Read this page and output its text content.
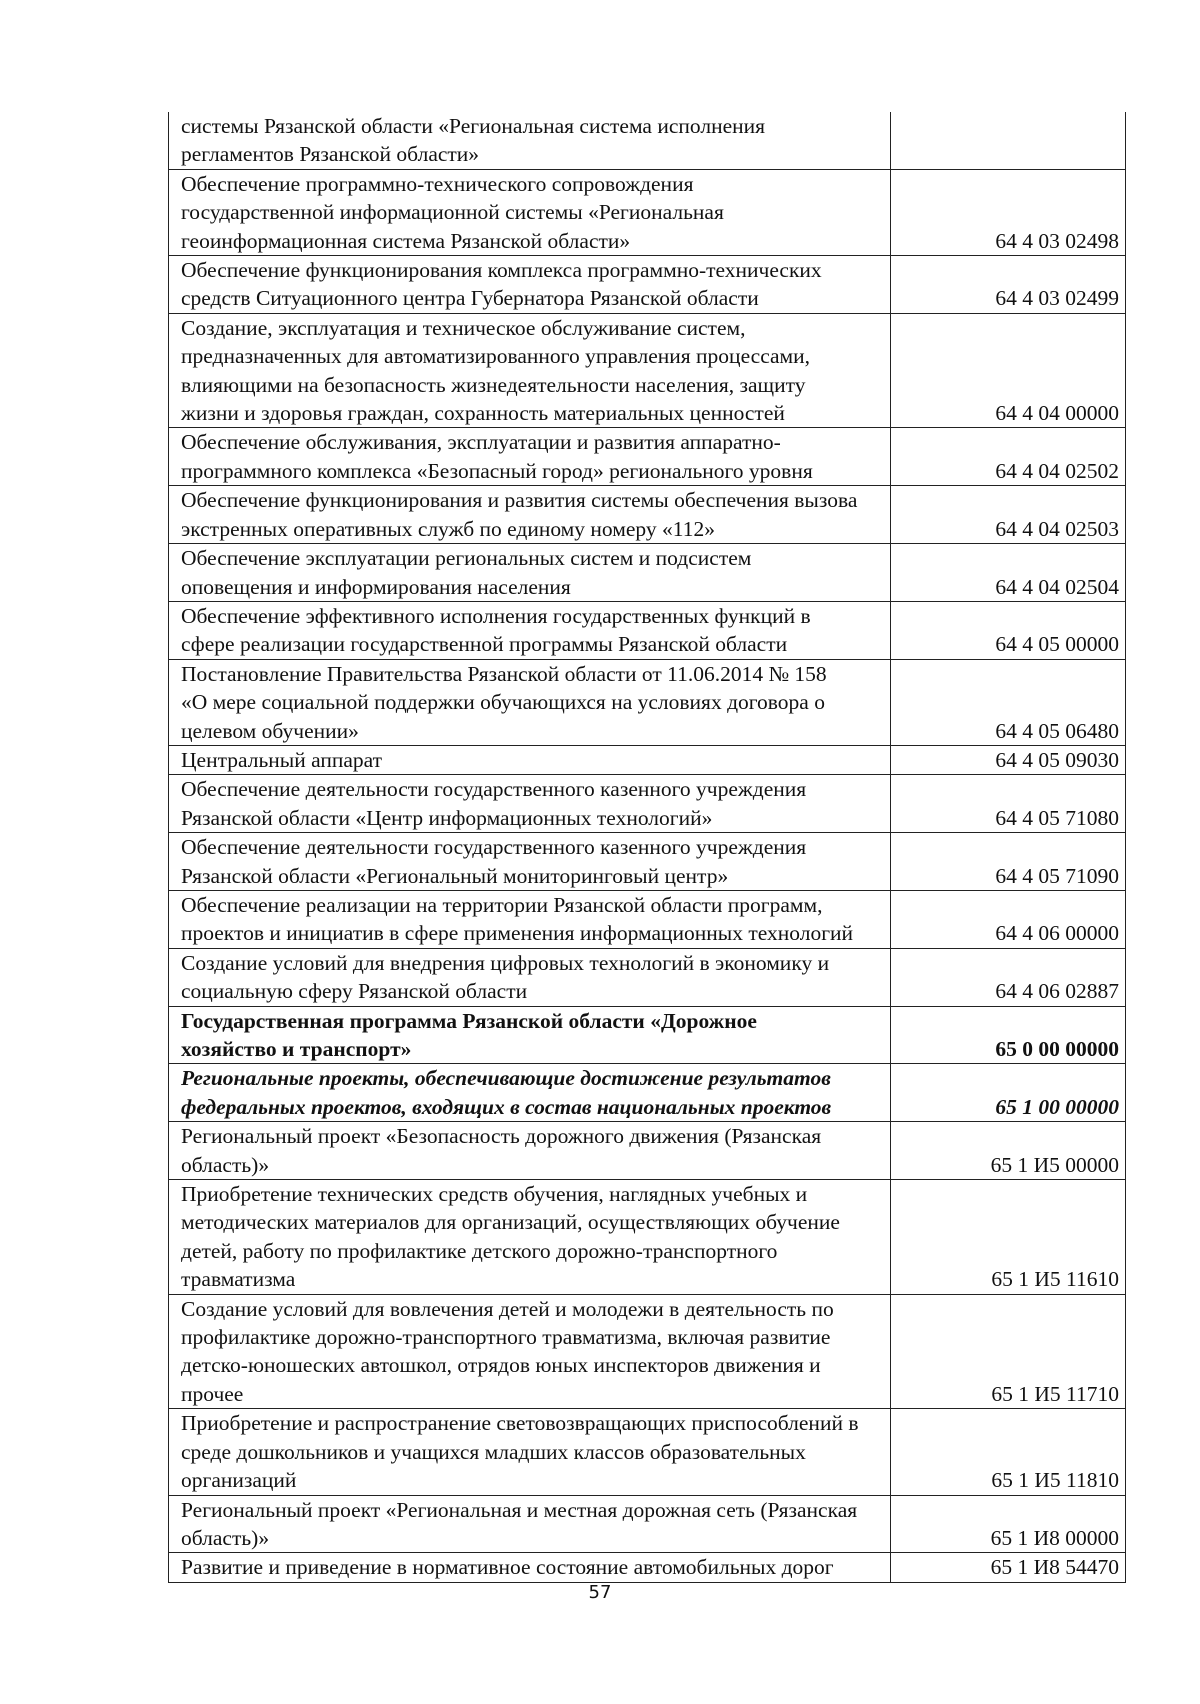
системы Рязанской области «Региональная система исполнения
регламентов Рязанской области»	
Обеспечение программно-технического сопровождения
государственной информационной системы «Региональная
геоинформационная система Рязанской области»	64 4 03 02498
Обеспечение функционирования комплекса программно-технических
средств Ситуационного центра Губернатора Рязанской области	64 4 03 02499
Создание, эксплуатация и техническое обслуживание систем,
предназначенных для автоматизированного управления процессами,
влияющими на безопасность жизнедеятельности населения, защиту
жизни и здоровья граждан, сохранность материальных ценностей	64 4 04 00000
Обеспечение обслуживания, эксплуатации и развития аппаратно-
программного комплекса «Безопасный город» регионального уровня	64 4 04 02502
Обеспечение функционирования и развития системы обеспечения вызова
экстренных оперативных служб по единому номеру «112»	64 4 04 02503
Обеспечение эксплуатации региональных систем и подсистем
оповещения и информирования населения	64 4 04 02504
Обеспечение эффективного исполнения государственных функций в
сфере реализации государственной программы Рязанской области	64 4 05 00000
Постановление Правительства Рязанской области от 11.06.2014 № 158
«О мере социальной поддержки обучающихся на условиях договора о
целевом обучении»	64 4 05 06480
Центральный аппарат	64 4 05 09030
Обеспечение деятельности государственного казенного учреждения
Рязанской области «Центр информационных технологий»	64 4 05 71080
Обеспечение деятельности государственного казенного учреждения
Рязанской области «Региональный мониторинговый центр»	64 4 05 71090
Обеспечение реализации на территории Рязанской области программ,
проектов и инициатив в сфере применения информационных технологий	64 4 06 00000
Создание условий для внедрения цифровых технологий в экономику и
социальную сферу Рязанской области	64 4 06 02887
Государственная программа Рязанской области «Дорожное
хозяйство и транспорт»	65 0 00 00000
Региональные проекты, обеспечивающие достижение результатов
федеральных проектов, входящих в состав национальных проектов	65 1 00 00000
Региональный проект «Безопасность дорожного движения (Рязанская
область)»	65 1 И5 00000
Приобретение технических средств обучения, наглядных учебных и
методических материалов для организаций, осуществляющих обучение
детей, работу по профилактике детского дорожно-транспортного
травматизма	65 1 И5 11610
Создание условий для вовлечения детей и молодежи в деятельность по
профилактике дорожно-транспортного травматизма, включая развитие
детско-юношеских автошкол, отрядов юных инспекторов движения и
прочее	65 1 И5 11710
Приобретение и распространение световозвращающих приспособлений в
среде дошкольников и учащихся младших классов образовательных
организаций	65 1 И5 11810
Региональный проект «Региональная и местная дорожная сеть (Рязанская
область)»	65 1 И8 00000
Развитие и приведение в нормативное состояние автомобильных дорог	65 1 И8 54470
57
